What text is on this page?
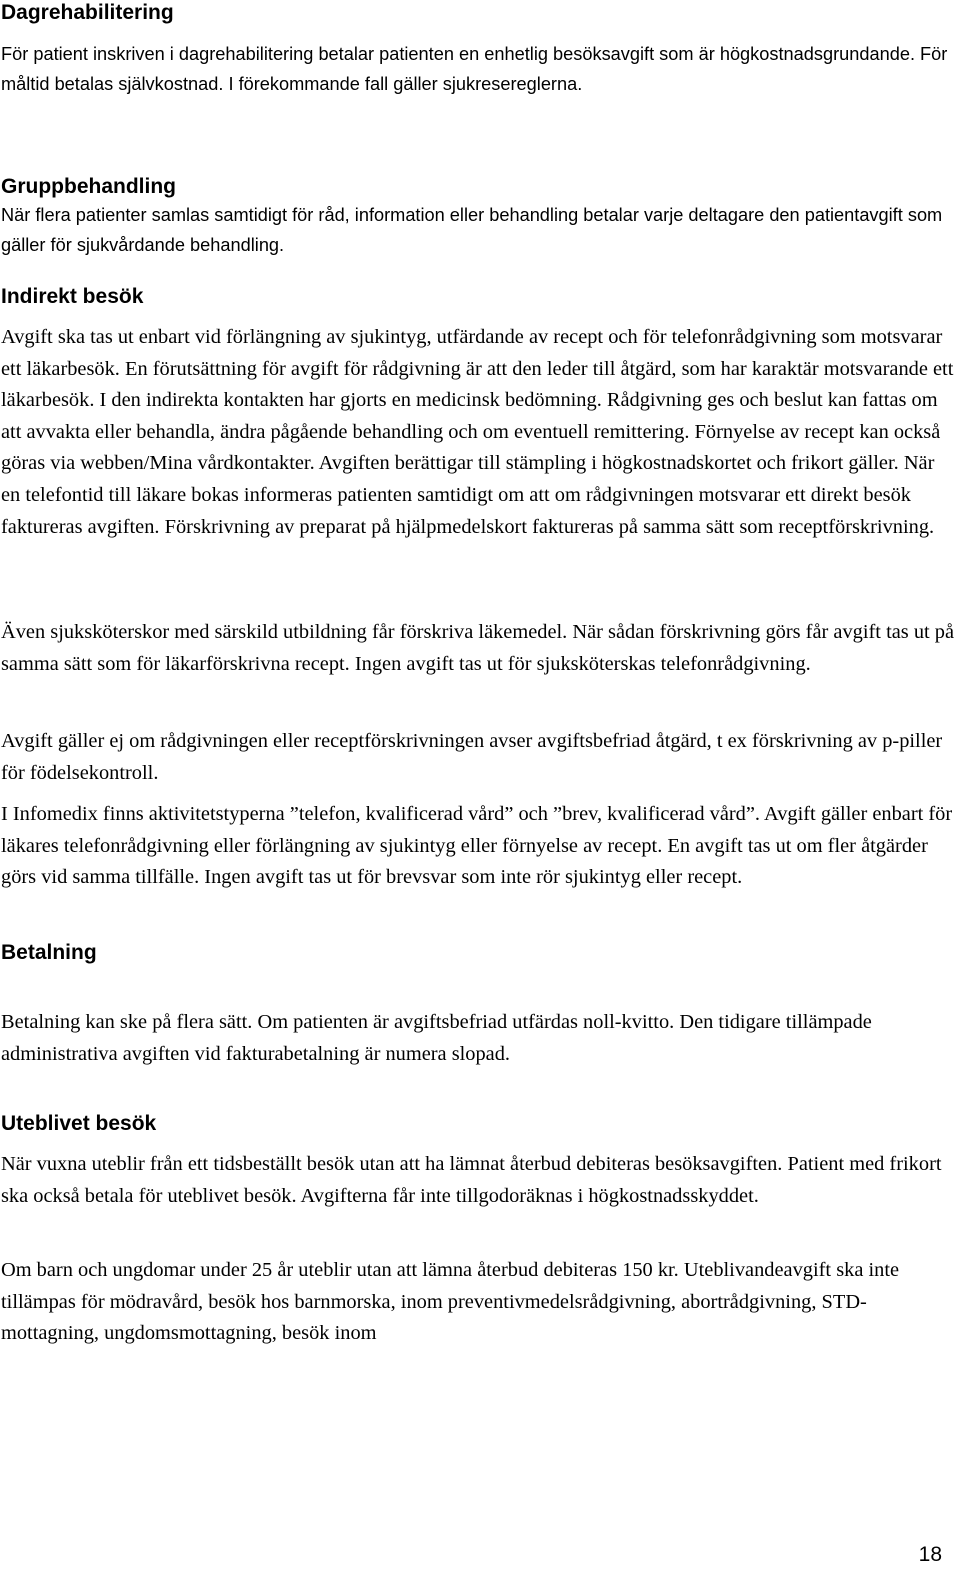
Dagrehabilitering

För patient inskriven i dagrehabilitering betalar patienten en enhetlig besöksavgift som är högkostnadsgrundande. För måltid betalas självkostnad. I förekommande fall gäller sjukresereglerna.

Gruppbehandling

När flera patienter samlas samtidigt för råd, information eller behandling betalar varje deltagare den patientavgift som gäller för sjukvårdande behandling.

Indirekt besök

Avgift ska tas ut enbart vid förlängning av sjukintyg, utfärdande av recept och för telefonrådgivning som motsvarar ett läkarbesök. En förutsättning för avgift för rådgivning är att den leder till åtgärd, som har karaktär motsvarande ett läkarbesök. I den indirekta kontakten har gjorts en medicinsk bedömning. Rådgivning ges och beslut kan fattas om att avvakta eller behandla, ändra pågående behandling och om eventuell remittering. Förnyelse av recept kan också göras via webben/Mina vårdkontakter. Avgiften berättigar till stämpling i högkostnadskortet och frikort gäller. När en telefontid till läkare bokas informeras patienten samtidigt om att om rådgivningen motsvarar ett direkt besök faktureras avgiften. Förskrivning av preparat på hjälpmedelskort faktureras på samma sätt som receptförskrivning.

Även sjuksköterskor med särskild utbildning får förskriva läkemedel. När sådan förskrivning görs får avgift tas ut på samma sätt som för läkarförskrivna recept. Ingen avgift tas ut för sjuksköterskas telefonrådgivning.

Avgift gäller ej om rådgivningen eller receptförskrivningen avser avgiftsbefriad åtgärd, t ex förskrivning av p-piller för födelsekontroll.

I Infomedix finns aktivitetstyperna ”telefon, kvalificerad vård” och ”brev, kvalificerad vård”. Avgift gäller enbart för läkares telefonrådgivning eller förlängning av sjukintyg eller förnyelse av recept. En avgift tas ut om fler åtgärder görs vid samma tillfälle. Ingen avgift tas ut för brevsvar som inte rör sjukintyg eller recept.

Betalning

Betalning kan ske på flera sätt. Om patienten är avgiftsbefriad utfärdas noll-kvitto. Den tidigare tillämpade administrativa avgiften vid fakturabetalning är numera slopad.

Uteblivet besök

När vuxna uteblir från ett tidsbeställt besök utan att ha lämnat återbud debiteras besöksavgiften. Patient med frikort ska också betala för uteblivet besök. Avgifterna får inte tillgodoräknas i högkostnadsskyddet.

Om barn och ungdomar under 25 år uteblir utan att lämna återbud debiteras 150 kr. Uteblivandeavgift ska inte tillämpas för mödravård, besök hos barnmorska, inom preventivmedelsrådgivning, abortrådgivning, STD-mottagning, ungdomsmottagning, besök inom

18
